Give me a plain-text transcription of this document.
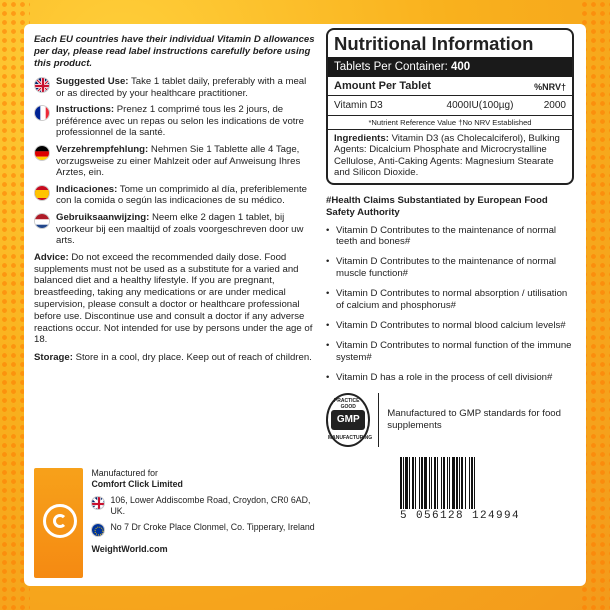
Each EU countries have their individual Vitamin D allowances per day, please read label instructions carefully before using this product.

Suggested Use: Take 1 tablet daily, preferably with a meal or as directed by your healthcare practitioner.

Instructions: Prenez 1 comprimé tous les 2 jours, de préférence avec un repas ou selon les indications de votre professionnel de la santé.

Verzehrempfehlung: Nehmen Sie 1 Tablette alle 4 Tage, vorzugsweise zu einer Mahlzeit oder auf Anweisung Ihres Arztes, ein.

Indicaciones: Tome un comprimido al día, preferiblemente con la comida o según las indicaciones de su médico.

Gebruiksaanwijzing: Neem elke 2 dagen 1 tablet, bij voorkeur bij een maaltijd of zoals voorgeschreven door uw arts.

Advice: Do not exceed the recommended daily dose. Food supplements must not be used as a substitute for a varied and balanced diet and a healthy lifestyle. If you are pregnant, breastfeeding, taking any medications or are under medical supervision, please consult a doctor or healthcare professional before use. Discontinue use and consult a doctor if any adverse reactions occur. Not intended for use by persons under the age of 18.

Storage: Store in a cool, dry place. Keep out of reach of children.

Manufactured for
Comfort Click Limited
106, Lower Addiscombe Road, Croydon, CR0 6AD, UK.
No 7 Dr Croke Place Clonmel, Co. Tipperary, Ireland
WeightWorld.com
Nutritional Information
Tablets Per Container: 400
Amount Per Tablet	%NRV†
Vitamin D3	4000IU(100µg)	2000
*Nutrient Reference Value †No NRV Established

Ingredients: Vitamin D3 (as Cholecalciferol), Bulking Agents: Dicalcium Phosphate and Microcrystalline Cellulose, Anti-Caking Agents: Magnesium Stearate and Silicon Dioxide.

#Health Claims Substantiated by European Food Safety Authority
• Vitamin D Contributes to the maintenance of normal teeth and bones#
• Vitamin D Contributes to the maintenance of normal muscle function#
• Vitamin D Contributes to normal absorption / utilisation of calcium and phosphorus#
• Vitamin D Contributes to normal blood calcium levels#
• Vitamin D Contributes to normal function of the immune system#
• Vitamin D has a role in the process of cell division#
PRACTICE · GOOD
GMP
MANUFACTURING
Manufactured to GMP standards for food supplements
5 056128 124994
